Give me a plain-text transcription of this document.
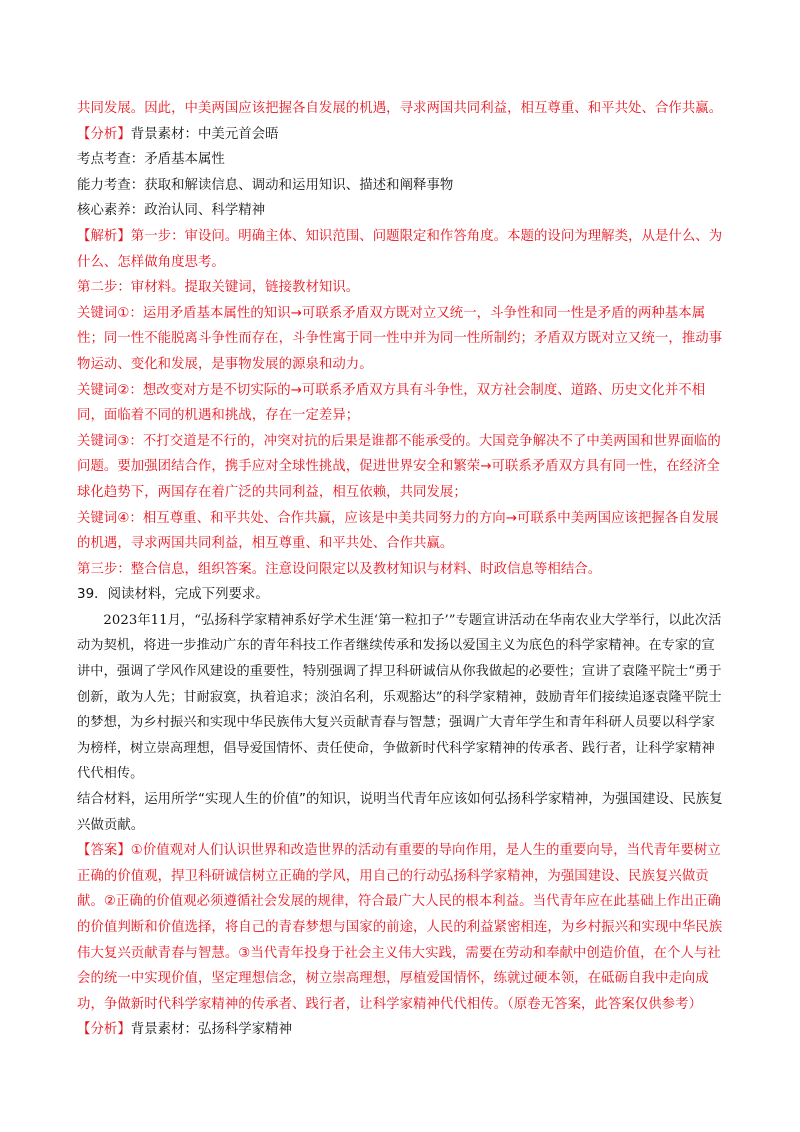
共同发展。因此，中美两国应该把握各自发展的机遇，寻求两国共同利益，相互尊重、和平共处、合作共赢。

【分析】背景素材：中美元首会晤

考点考查：矛盾基本属性

能力考查：获取和解读信息、调动和运用知识、描述和阐释事物

核心素养：政治认同、科学精神

【解析】第一步：审设问。明确主体、知识范围、问题限定和作答角度。本题的设问为理解类，从是什么、为什么、怎样做角度思考。

第二步：审材料。提取关键词，链接教材知识。

关键词①：运用矛盾基本属性的知识→可联系矛盾双方既对立又统一，斗争性和同一性是矛盾的两种基本属性；同一性不能脱离斗争性而存在，斗争性寓于同一性中并为同一性所制约；矛盾双方既对立又统一，推动事物运动、变化和发展，是事物发展的源泉和动力。

关键词②：想改变对方是不切实际的→可联系矛盾双方具有斗争性，双方社会制度、道路、历史文化并不相同，面临着不同的机遇和挑战，存在一定差异；

关键词③：不打交道是不行的，冲突对抗的后果是谁都不能承受的。大国竞争解决不了中美两国和世界面临的问题。要加强团结合作，携手应对全球性挑战，促进世界安全和繁荣→可联系矛盾双方具有同一性，在经济全球化趋势下，两国存在着广泛的共同利益，相互依赖，共同发展；

关键词④：相互尊重、和平共处、合作共赢，应该是中美共同努力的方向→可联系中美两国应该把握各自发展的机遇，寻求两国共同利益，相互尊重、和平共处、合作共赢。

第三步：整合信息，组织答案。注意设问限定以及教材知识与材料、时政信息等相结合。

39．阅读材料，完成下列要求。

2023年11月，“弘扬科学家精神系好学术生涯‘第一粒扣子’”专题宣讲活动在华南农业大学举行，以此次活动为契机，将进一步推动广东的青年科技工作者继续传承和发扬以爱国主义为底色的科学家精神。在专家的宣讲中，强调了学风作风建设的重要性，特别强调了捍卫科研诚信从你我做起的必要性；宣讲了袁隆平院士“勇于创新，敢为人先；甘耐寂寞，执着追求；淡泊名利，乐观豁达”的科学家精神，鼓励青年们接续追逐袁隆平院士的梦想，为乡村振兴和实现中华民族伟大复兴贡献青春与智慧；强调广大青年学生和青年科研人员要以科学家为榜样，树立崇高理想，倡导爱国情怀、责任使命，争做新时代科学家精神的传承者、践行者，让科学家精神代代相传。

结合材料，运用所学“实现人生的价值”的知识，说明当代青年应该如何弘扬科学家精神，为强国建设、民族复兴做贡献。

【答案】①价值观对人们认识世界和改造世界的活动有重要的导向作用，是人生的重要向导，当代青年要树立正确的价值观，捍卫科研诚信树立正确的学风，用自己的行动弘扬科学家精神，为强国建设、民族复兴做贡献。②正确的价值观必须遵循社会发展的规律，符合最广大人民的根本利益。当代青年应在此基础上作出正确的价值判断和价值选择，将自己的青春梦想与国家的前途，人民的利益紧密相连，为乡村振兴和实现中华民族伟大复兴贡献青春与智慧。③当代青年投身于社会主义伟大实践，需要在劳动和奉献中创造价值，在个人与社会的统一中实现价值，坚定理想信念，树立崇高理想，厚植爱国情怀，练就过硬本领，在砥砺自我中走向成功，争做新时代科学家精神的传承者、践行者，让科学家精神代代相传。（原卷无答案，此答案仅供参考）

【分析】背景素材：弘扬科学家精神
